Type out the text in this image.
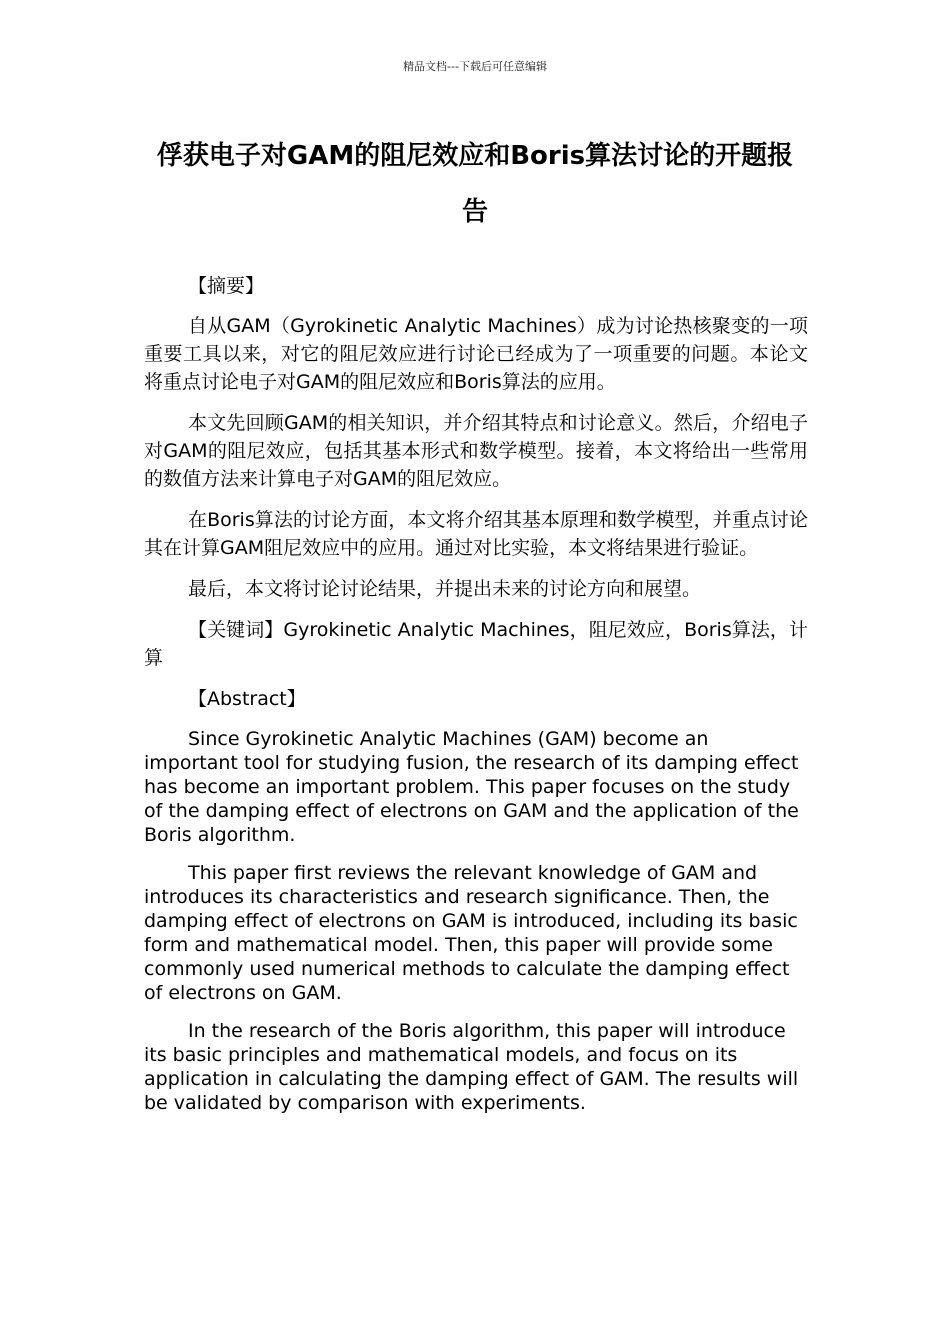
精品文档---下载后可任意编辑
俘获电子对GAM的阻尼效应和Boris算法讨论的开题报告

【摘要】

自从GAM（Gyrokinetic Analytic Machines）成为讨论热核聚变的一项重要工具以来，对它的阻尼效应进行讨论已经成为了一项重要的问题。本论文将重点讨论电子对GAM的阻尼效应和Boris算法的应用。

本文先回顾GAM的相关知识，并介绍其特点和讨论意义。然后，介绍电子对GAM的阻尼效应，包括其基本形式和数学模型。接着，本文将给出一些常用的数值方法来计算电子对GAM的阻尼效应。

在Boris算法的讨论方面，本文将介绍其基本原理和数学模型，并重点讨论其在计算GAM阻尼效应中的应用。通过对比实验，本文将结果进行验证。

最后，本文将讨论讨论结果，并提出未来的讨论方向和展望。

【关键词】Gyrokinetic Analytic Machines，阻尼效应，Boris算法，计算

【Abstract】

Since Gyrokinetic Analytic Machines (GAM) become an important tool for studying fusion, the research of its damping effect has become an important problem. This paper focuses on the study of the damping effect of electrons on GAM and the application of the Boris algorithm.

This paper first reviews the relevant knowledge of GAM and introduces its characteristics and research significance. Then, the damping effect of electrons on GAM is introduced, including its basic form and mathematical model. Then, this paper will provide some commonly used numerical methods to calculate the damping effect of electrons on GAM.

In the research of the Boris algorithm, this paper will introduce its basic principles and mathematical models, and focus on its application in calculating the damping effect of GAM. The results will be validated by comparison with experiments.
